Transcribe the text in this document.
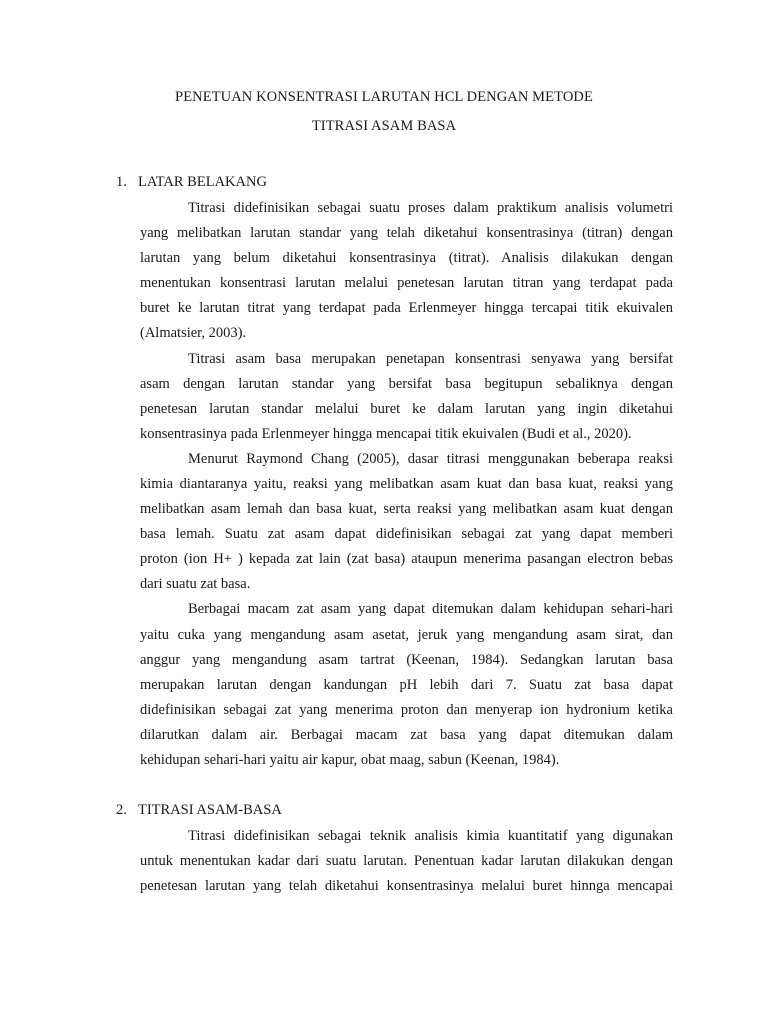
PENETUAN KONSENTRASI LARUTAN HCL DENGAN METODE
TITRASI ASAM BASA
1. LATAR BELAKANG
Titrasi didefinisikan sebagai suatu proses dalam praktikum analisis volumetri
yang melibatkan larutan standar yang telah diketahui konsentrasinya (titran) dengan
larutan yang belum diketahui konsentrasinya (titrat). Analisis dilakukan dengan
menentukan konsentrasi larutan melalui penetesan larutan titran yang terdapat pada
buret ke larutan titrat yang terdapat pada Erlenmeyer hingga tercapai titik ekuivalen
(Almatsier, 2003).
Titrasi asam basa merupakan penetapan konsentrasi senyawa yang bersifat
asam dengan larutan standar yang bersifat basa begitupun sebaliknya dengan
penetesan larutan standar melalui buret ke dalam larutan yang ingin diketahui
konsentrasinya pada Erlenmeyer hingga mencapai titik ekuivalen (Budi et al., 2020).
Menurut Raymond Chang (2005), dasar titrasi menggunakan beberapa reaksi
kimia diantaranya yaitu, reaksi yang melibatkan asam kuat dan basa kuat, reaksi yang
melibatkan asam lemah dan basa kuat, serta reaksi yang melibatkan asam kuat dengan
basa lemah. Suatu zat asam dapat didefinisikan sebagai zat yang dapat memberi
proton (ion H+ ) kepada zat lain (zat basa) ataupun menerima pasangan electron bebas
dari suatu zat basa.
Berbagai macam zat asam yang dapat ditemukan dalam kehidupan sehari-hari
yaitu cuka yang mengandung asam asetat, jeruk yang mengandung asam sirat, dan
anggur yang mengandung asam tartrat (Keenan, 1984). Sedangkan larutan basa
merupakan larutan dengan kandungan pH lebih dari 7. Suatu zat basa dapat
didefinisikan sebagai zat yang menerima proton dan menyerap ion hydronium ketika
dilarutkan dalam air. Berbagai macam zat basa yang dapat ditemukan dalam
kehidupan sehari-hari yaitu air kapur, obat maag, sabun (Keenan, 1984).
2. TITRASI ASAM-BASA
Titrasi didefinisikan sebagai teknik analisis kimia kuantitatif yang digunakan
untuk menentukan kadar dari suatu larutan. Penentuan kadar larutan dilakukan dengan
penetesan larutan yang telah diketahui konsentrasinya melalui buret hinnga mencapai
